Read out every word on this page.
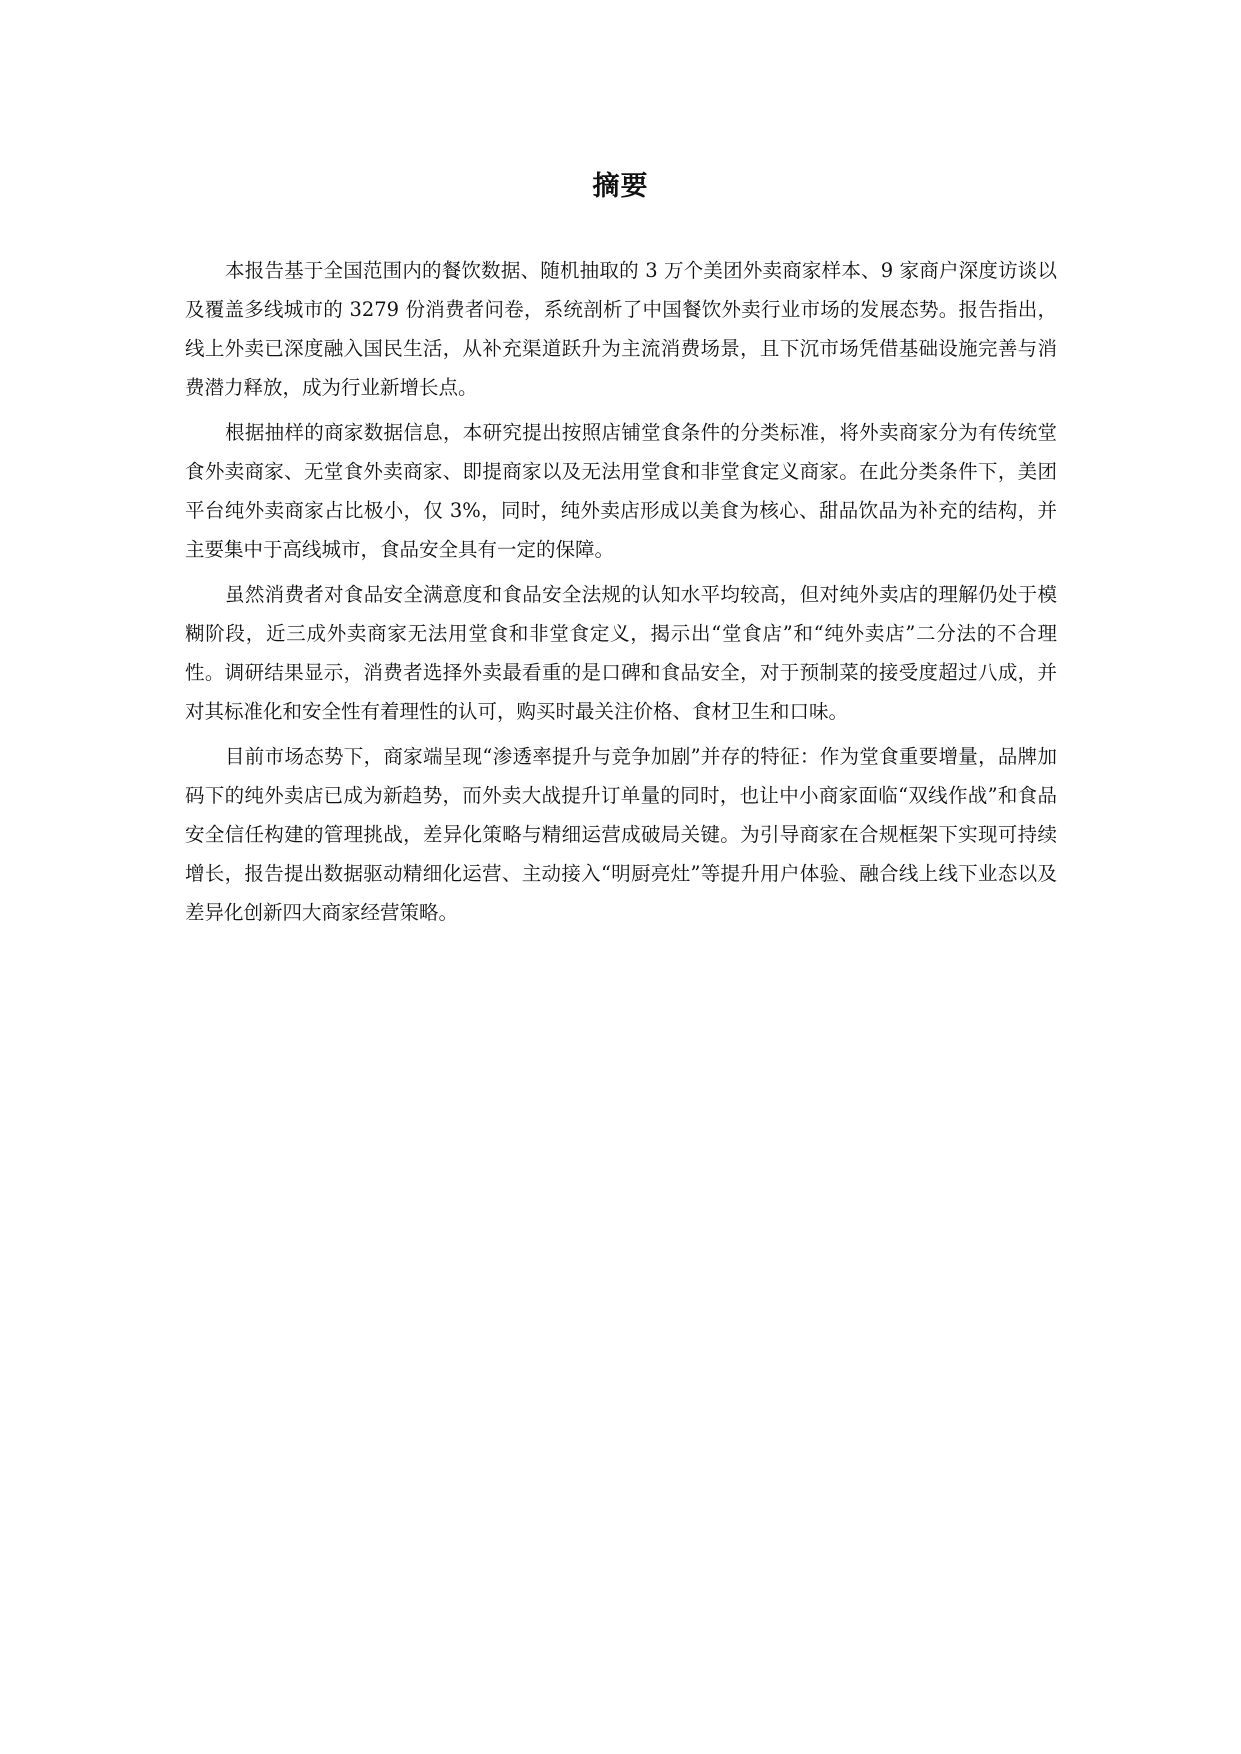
摘要

本报告基于全国范围内的餐饮数据、随机抽取的 3 万个美团外卖商家样本、9 家商户深度访谈以及覆盖多线城市的 3279 份消费者问卷，系统剖析了中国餐饮外卖行业市场的发展态势。报告指出，线上外卖已深度融入国民生活，从补充渠道跃升为主流消费场景，且下沉市场凭借基础设施完善与消费潜力释放，成为行业新增长点。

根据抽样的商家数据信息，本研究提出按照店铺堂食条件的分类标准，将外卖商家分为有传统堂食外卖商家、无堂食外卖商家、即提商家以及无法用堂食和非堂食定义商家。在此分类条件下，美团平台纯外卖商家占比极小，仅 3%，同时，纯外卖店形成以美食为核心、甜品饮品为补充的结构，并主要集中于高线城市，食品安全具有一定的保障。

虽然消费者对食品安全满意度和食品安全法规的认知水平均较高，但对纯外卖店的理解仍处于模糊阶段，近三成外卖商家无法用堂食和非堂食定义，揭示出“堂食店”和“纯外卖店”二分法的不合理性。调研结果显示，消费者选择外卖最看重的是口碑和食品安全，对于预制菜的接受度超过八成，并对其标准化和安全性有着理性的认可，购买时最关注价格、食材卫生和口味。

目前市场态势下，商家端呈现“渗透率提升与竞争加剧”并存的特征：作为堂食重要增量，品牌加码下的纯外卖店已成为新趋势，而外卖大战提升订单量的同时，也让中小商家面临“双线作战”和食品安全信任构建的管理挑战，差异化策略与精细运营成破局关键。为引导商家在合规框架下实现可持续增长，报告提出数据驱动精细化运营、主动接入“明厨亮灶”等提升用户体验、融合线上线下业态以及差异化创新四大商家经营策略。
